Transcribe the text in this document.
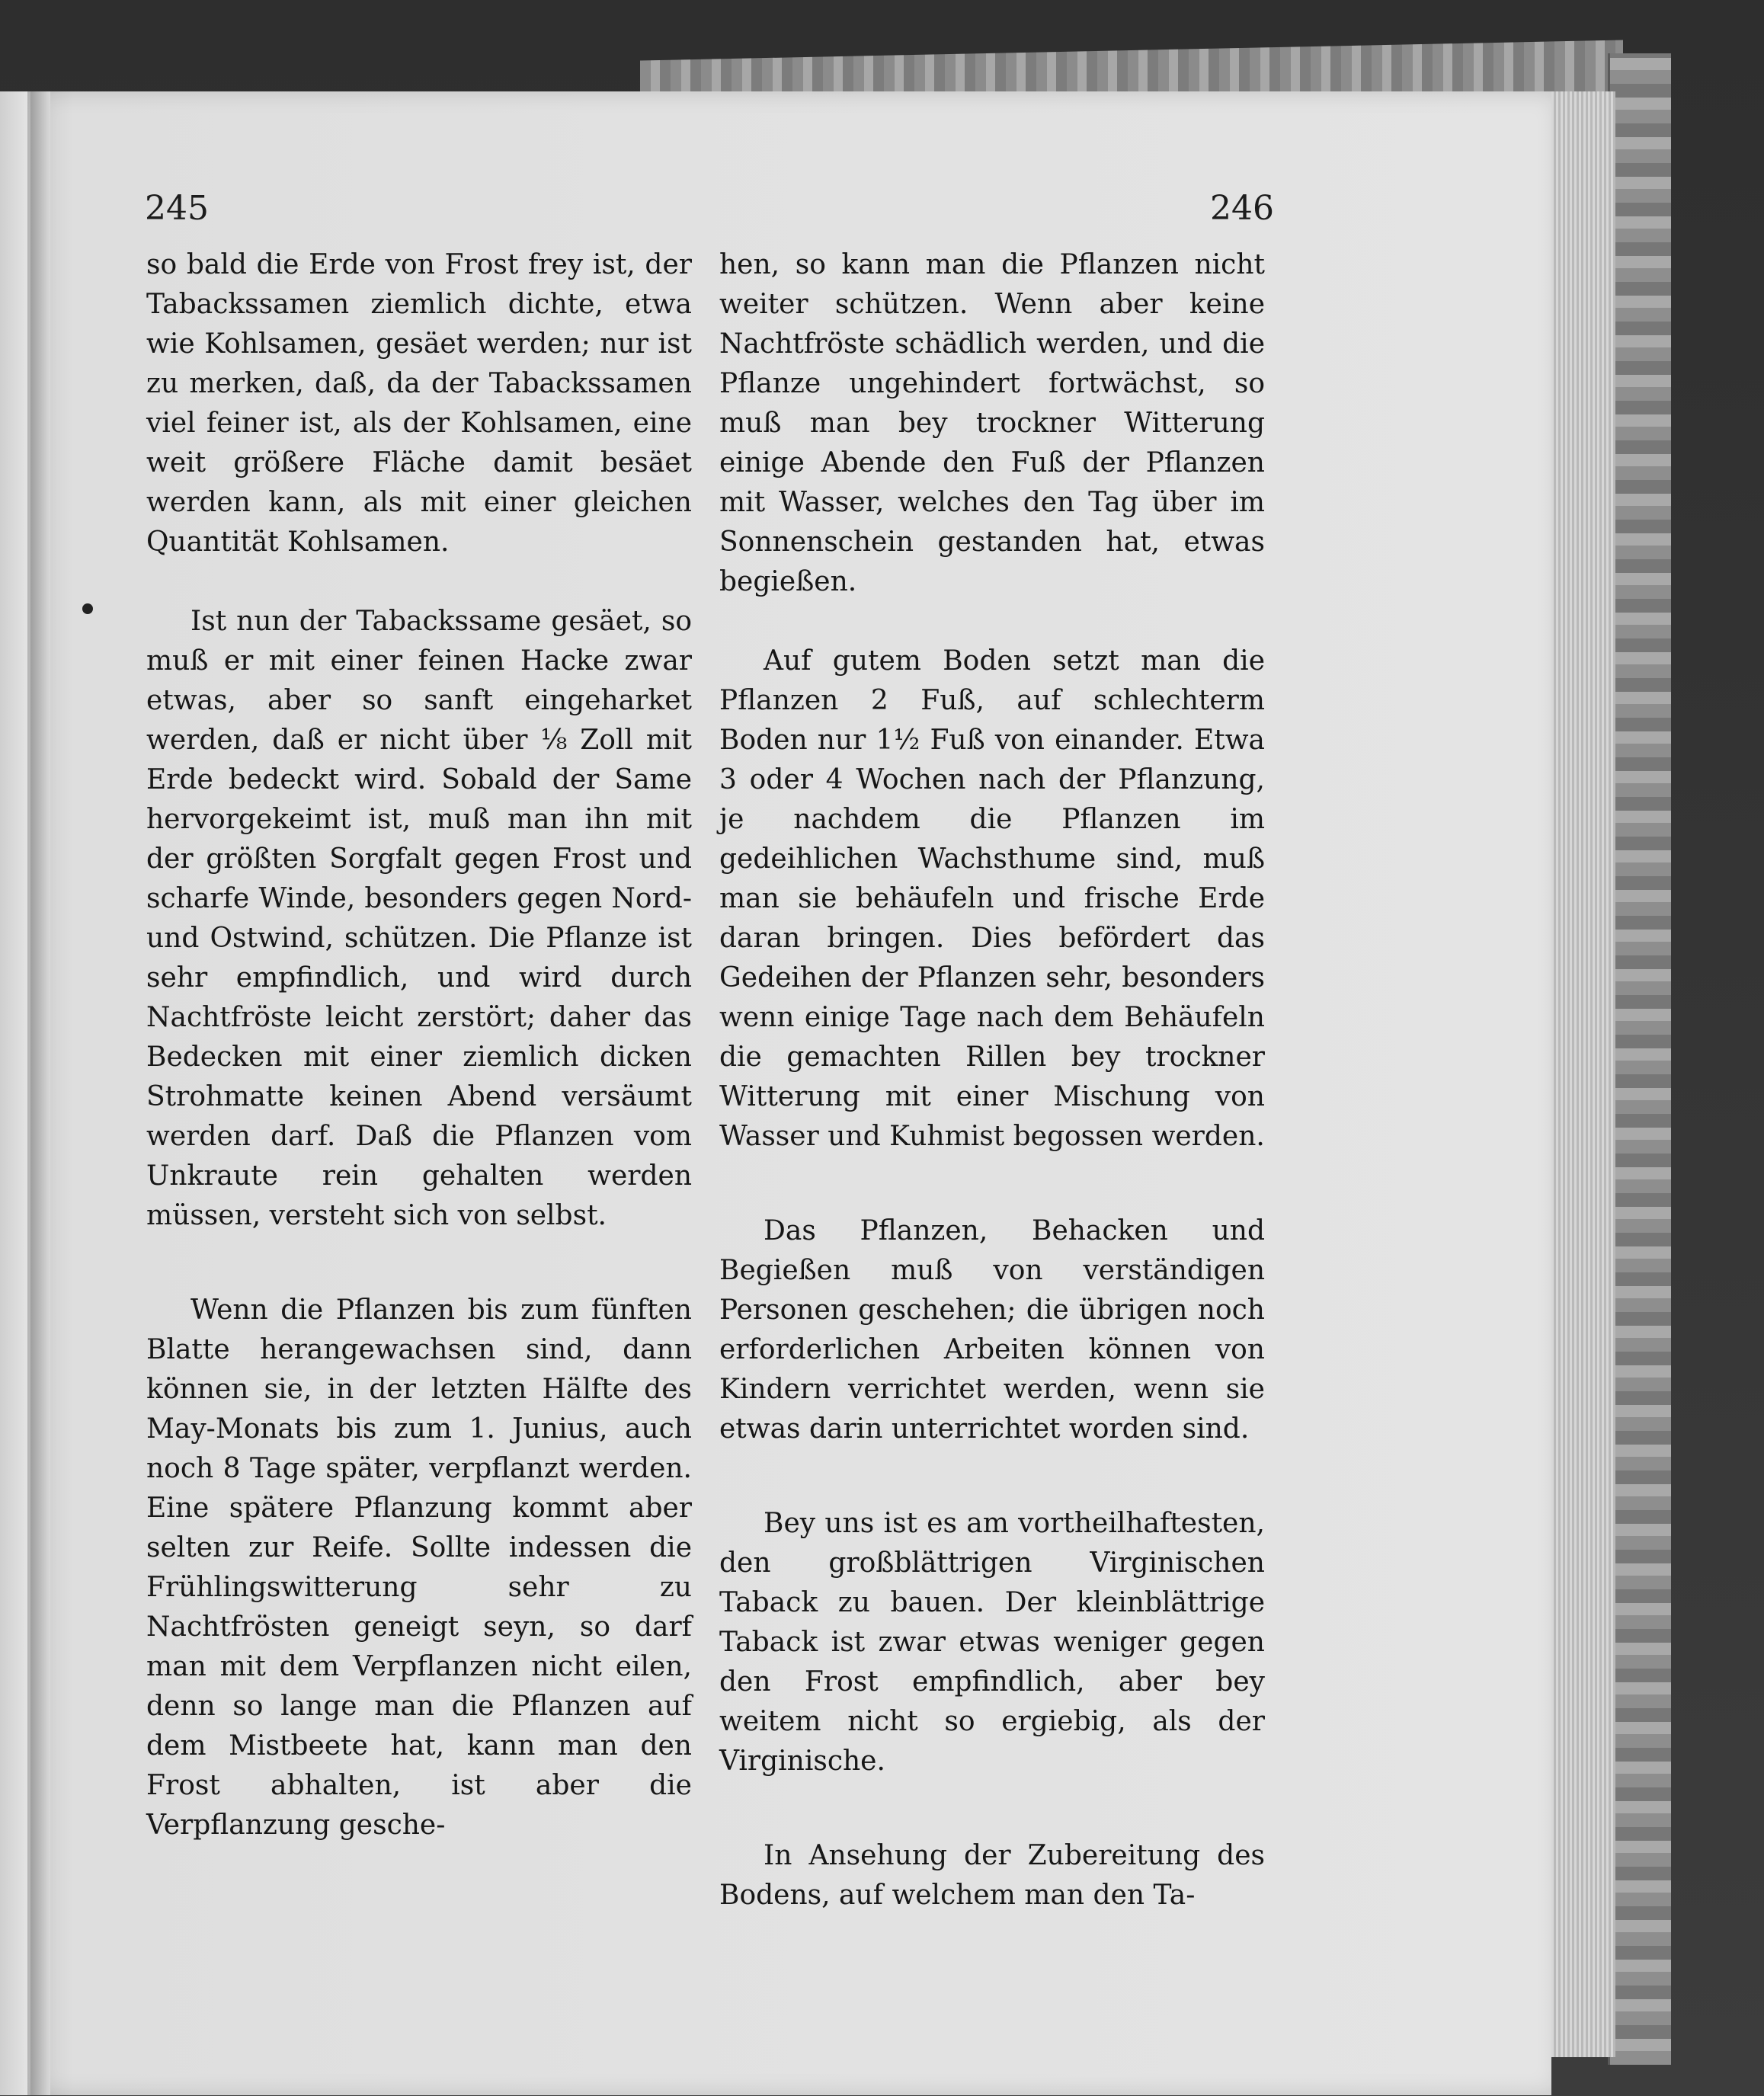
245	246

so bald die Erde von Frost frey ist, der Tabackssamen ziemlich dichte, etwa wie Kohlsamen, gesäet werden; nur ist zu merken, daß, da der Tabackssamen viel feiner ist, als der Kohlsamen, eine weit größere Fläche damit besäet werden kann, als mit einer gleichen Quantität Kohlsamen.

Ist nun der Tabackssame gesäet, so muß er mit einer feinen Hacke zwar etwas, aber so sanft eingeharket werden, daß er nicht über ⅛ Zoll mit Erde bedeckt wird. Sobald der Same hervorgekeimt ist, muß man ihn mit der größten Sorgfalt gegen Frost und scharfe Winde, besonders gegen Nord- und Ostwind, schützen. Die Pflanze ist sehr empfindlich, und wird durch Nachtfröste leicht zerstört; daher das Bedecken mit einer ziemlich dicken Strohmatte keinen Abend versäumt werden darf. Daß die Pflanzen vom Unkraute rein gehalten werden müssen, versteht sich von selbst.

Wenn die Pflanzen bis zum fünften Blatte herangewachsen sind, dann können sie, in der letzten Hälfte des May-Monats bis zum 1. Junius, auch noch 8 Tage später, verpflanzt werden. Eine spätere Pflanzung kommt aber selten zur Reife. Sollte indessen die Frühlingswitterung sehr zu Nachtfrösten geneigt seyn, so darf man mit dem Verpflanzen nicht eilen, denn so lange man die Pflanzen auf dem Mistbeete hat, kann man den Frost abhalten, ist aber die Verpflanzung gesche-

hen, so kann man die Pflanzen nicht weiter schützen. Wenn aber keine Nachtfröste schädlich werden, und die Pflanze ungehindert fortwächst, so muß man bey trockner Witterung einige Abende den Fuß der Pflanzen mit Wasser, welches den Tag über im Sonnenschein gestanden hat, etwas begießen.

Auf gutem Boden setzt man die Pflanzen 2 Fuß, auf schlechterm Boden nur 1½ Fuß von einander. Etwa 3 oder 4 Wochen nach der Pflanzung, je nachdem die Pflanzen im gedeihlichen Wachsthume sind, muß man sie behäufeln und frische Erde daran bringen. Dies befördert das Gedeihen der Pflanzen sehr, besonders wenn einige Tage nach dem Behäufeln die gemachten Rillen bey trockner Witterung mit einer Mischung von Wasser und Kuhmist begossen werden.

Das Pflanzen, Behacken und Begießen muß von verständigen Personen geschehen; die übrigen noch erforderlichen Arbeiten können von Kindern verrichtet werden, wenn sie etwas darin unterrichtet worden sind.

Bey uns ist es am vortheilhaftesten, den großblättrigen Virginischen Taback zu bauen. Der kleinblättrige Taback ist zwar etwas weniger gegen den Frost empfindlich, aber bey weitem nicht so ergiebig, als der Virginische.

In Ansehung der Zubereitung des Bodens, auf welchem man den Ta-
